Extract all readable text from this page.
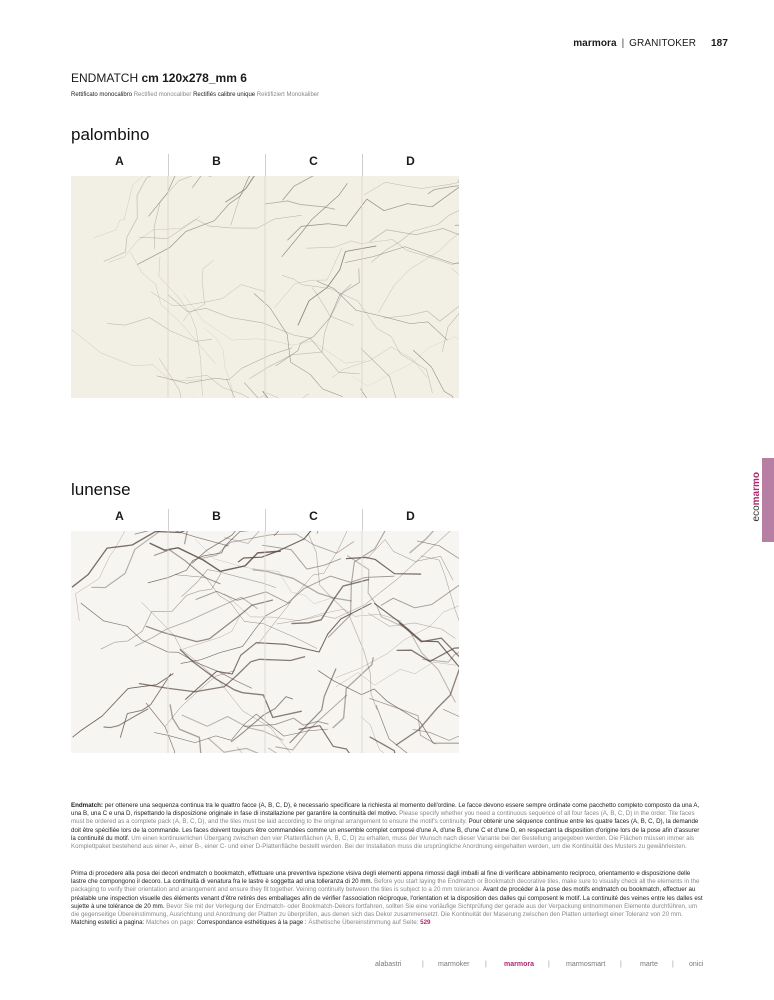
marmora | GRANITOKER 187
ENDMATCH cm 120x278_mm 6
Rettificato monocalibro Rectified monocaliber Rectifiés calibre unique Rektifiziert Monokaliber
palombino
A	B	C	D
lunense
A	B	C	D	ecomarmo
Endmatch: per ottenere una sequenza continua tra le quattro facce (A, B, C, D), è necessario specificare la richiesta al momento dell'ordine. Le facce devono essere sempre ordinate come pacchetto completo composto da una A, una B, una C e una D, rispettando la disposizione originale in fase di installazione per garantire la continuità del motivo. Please specify whether you need a continuous sequence of all four faces (A, B, C, D) in the order. Tile faces must be ordered as a complete pack (A, B, C, D), and the tiles must be laid according to the original arrangement to ensure the motif's continuity. Pour obtenir une séquence continue entre les quatre faces (A, B, C, D), la demande doit être spécifiée lors de la commande. Les faces doivent toujours être commandées comme un ensemble complet composé d'une A, d'une B, d'une C et d'une D, en respectant la disposition d'origine lors de la pose afin d'assurer la continuité du motif. Um einen kontinuierlichen Übergang zwischen den vier Plattenflächen (A, B, C, D) zu erhalten, muss der Wunsch nach dieser Variante bei der Bestellung angegeben werden. Die Flächen müssen immer als Komplettpaket bestehend aus einer A-, einer B-, einer C- und einer D-Plattenfläche bestellt werden. Bei der Installation muss die ursprüngliche Anordnung eingehalten werden, um die Kontinuität des Musters zu gewährleisten.
Prima di procedere alla posa dei decori endmatch o bookmatch, effettuare una preventiva ispezione visiva degli elementi appena rimossi dagli imballi al fine di verificare abbinamento reciproco, orientamento e disposizione delle lastre che compongono il decoro. La continuità di venatura fra le lastre è soggetta ad una tolleranza di 20 mm. Before you start laying the Endmatch or Bookmatch decorative tiles, make sure to visually check all the elements in the packaging to verify their orientation and arrangement and ensure they fit together. Veining continuity between the tiles is subject to a 20 mm tolerance. Avant de procéder à la pose des motifs endmatch ou bookmatch, effectuer au préalable une inspection visuelle des éléments venant d'être retirés des emballages afin de vérifier l'association réciproque, l'orientation et la disposition des dalles qui composent le motif. La continuité des veines entre les dalles est sujette à une tolérance de 20 mm. Bevor Sie mit der Verlegung der Endmatch- oder Bookmatch-Dekors fortfahren, sollten Sie eine vorläufige Sichtprüfung der gerade aus der Verpackung entnommenen Elemente durchführen, um die gegenseitige Übereinstimmung, Ausrichtung und Anordnung der Platten zu überprüfen, aus denen sich das Dekor zusammensetzt. Die Kontinuität der Maserung zwischen den Platten unterliegt einer Toleranz von 20 mm.
Matching estetici a pagina: Matches on page: Correspondance esthétiques à la page : Ästhetische Übereinstimmung auf Seite: 529
alabastri	| marmoker | marmora | marmosmart |	marte | onici
